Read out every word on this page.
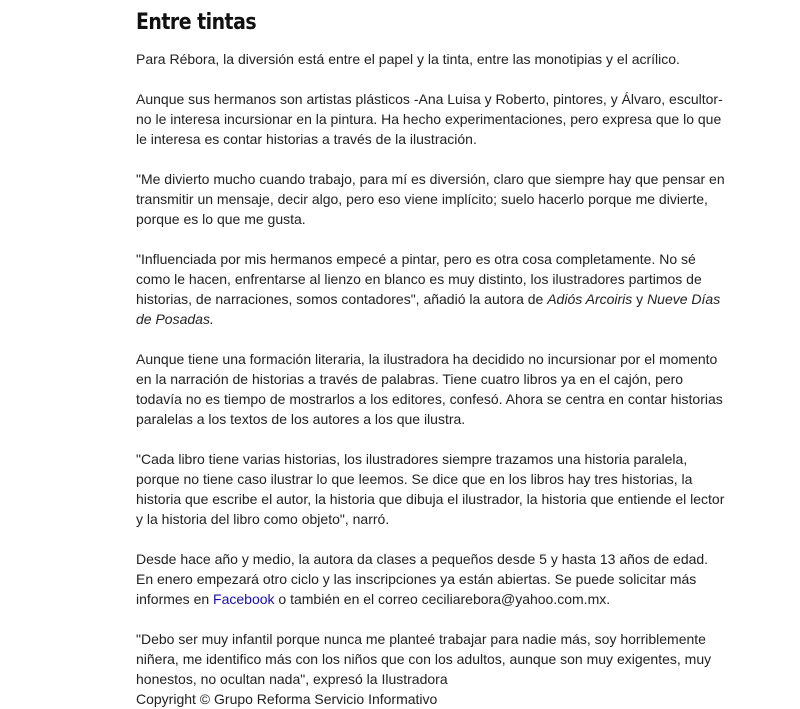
Entre tintas

Para Rébora, la diversión está entre el papel y la tinta, entre las monotipias y el acrílico.

Aunque sus hermanos son artistas plásticos -Ana Luisa y Roberto, pintores, y Álvaro, escultor- no le interesa incursionar en la pintura. Ha hecho experimentaciones, pero expresa que lo que le interesa es contar historias a través de la ilustración.

"Me divierto mucho cuando trabajo, para mí es diversión, claro que siempre hay que pensar en transmitir un mensaje, decir algo, pero eso viene implícito; suelo hacerlo porque me divierte, porque es lo que me gusta.

"Influenciada por mis hermanos empecé a pintar, pero es otra cosa completamente. No sé como le hacen, enfrentarse al lienzo en blanco es muy distinto, los ilustradores partimos de historias, de narraciones, somos contadores", añadió la autora de Adiós Arcoiris y Nueve Días de Posadas.

Aunque tiene una formación literaria, la ilustradora ha decidido no incursionar por el momento en la narración de historias a través de palabras. Tiene cuatro libros ya en el cajón, pero todavía no es tiempo de mostrarlos a los editores, confesó. Ahora se centra en contar historias paralelas a los textos de los autores a los que ilustra.

"Cada libro tiene varias historias, los ilustradores siempre trazamos una historia paralela, porque no tiene caso ilustrar lo que leemos. Se dice que en los libros hay tres historias, la historia que escribe el autor, la historia que dibuja el ilustrador, la historia que entiende el lector y la historia del libro como objeto", narró.

Desde hace año y medio, la autora da clases a pequeños desde 5 y hasta 13 años de edad. En enero empezará otro ciclo y las inscripciones ya están abiertas. Se puede solicitar más informes en Facebook o también en el correo ceciliarebora@yahoo.com.mx.

"Debo ser muy infantil porque nunca me planteé trabajar para nadie más, soy horriblemente niñera, me identifico más con los niños que con los adultos, aunque son muy exigentes, muy honestos, no ocultan nada", expresó la Ilustradora

Copyright © Grupo Reforma Servicio Informativo
